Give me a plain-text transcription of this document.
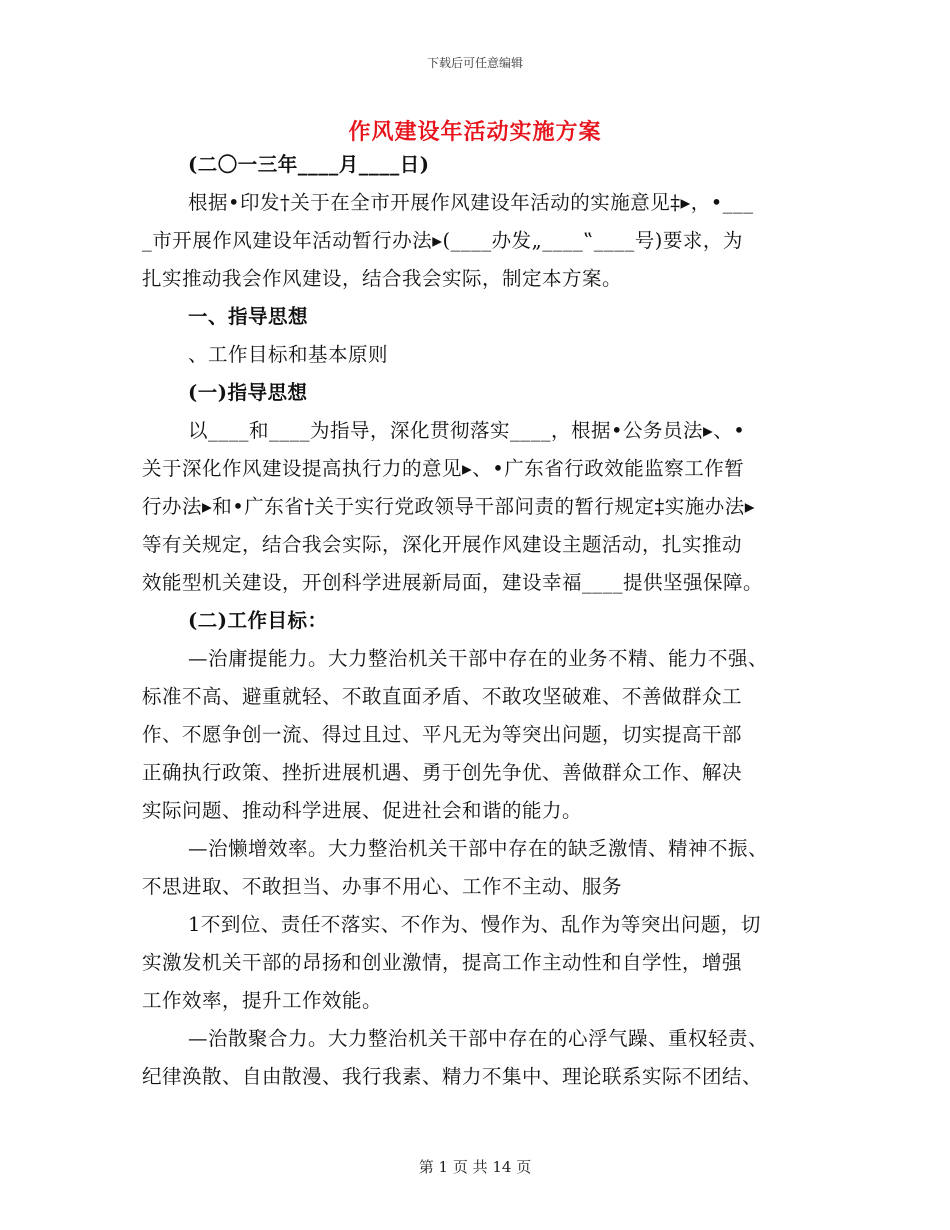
下载后可任意编辑
作风建设年活动实施方案
(二〇一三年____月____日)
根据•印发†关于在全市开展作风建设年活动的实施意见‡▸，•___
_市开展作风建设年活动暂行办法▸(____办发„____‟____号)要求，为
扎实推动我会作风建设，结合我会实际，制定本方案。
一、指导思想
、工作目标和基本原则
(一)指导思想
以____和____为指导，深化贯彻落实____，根据•公务员法▸、•
关于深化作风建设提高执行力的意见▸、•广东省行政效能监察工作暂
行办法▸和•广东省†关于实行党政领导干部问责的暂行规定‡实施办法▸
等有关规定，结合我会实际，深化开展作风建设主题活动，扎实推动
效能型机关建设，开创科学进展新局面，建设幸福____提供坚强保障。
(二)工作目标：
—治庸提能力。大力整治机关干部中存在的业务不精、能力不强、
标准不高、避重就轻、不敢直面矛盾、不敢攻坚破难、不善做群众工
作、不愿争创一流、得过且过、平凡无为等突出问题，切实提高干部
正确执行政策、挫折进展机遇、勇于创先争优、善做群众工作、解决
实际问题、推动科学进展、促进社会和谐的能力。
—治懒增效率。大力整治机关干部中存在的缺乏激情、精神不振、
不思进取、不敢担当、办事不用心、工作不主动、服务
1不到位、责任不落实、不作为、慢作为、乱作为等突出问题，切
实激发机关干部的昂扬和创业激情，提高工作主动性和自学性，增强
工作效率，提升工作效能。
—治散聚合力。大力整治机关干部中存在的心浮气躁、重权轻责、
纪律涣散、自由散漫、我行我素、精力不集中、理论联系实际不团结、
第 1 页 共 14 页
